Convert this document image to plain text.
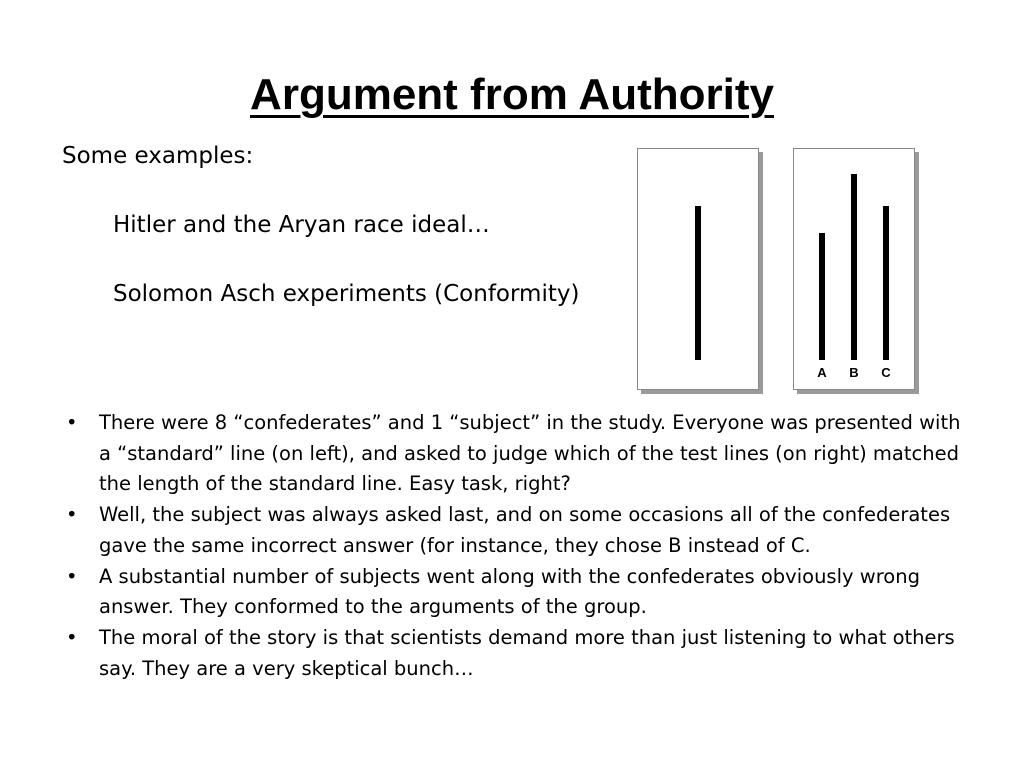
Argument from Authority
Some examples:
Hitler and the Aryan race ideal…
Solomon Asch experiments (Conformity)
A B C
• There were 8 “confederates” and 1 “subject” in the study. Everyone was presented with a “standard” line (on left), and asked to judge which of the test lines (on right) matched the length of the standard line. Easy task, right?
• Well, the subject was always asked last, and on some occasions all of the confederates gave the same incorrect answer (for instance, they chose B instead of C.
• A substantial number of subjects went along with the confederates obviously wrong answer. They conformed to the arguments of the group.
• The moral of the story is that scientists demand more than just listening to what others say. They are a very skeptical bunch…
